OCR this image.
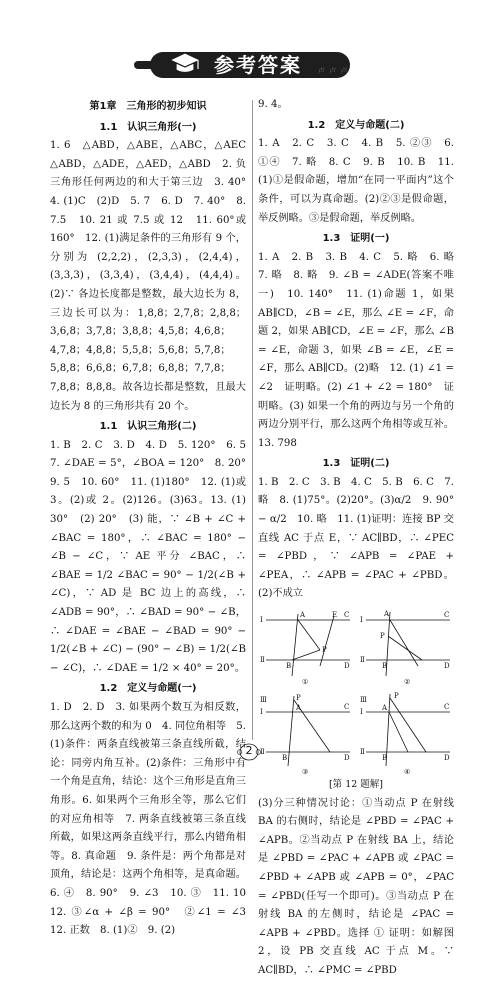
参考答案 卢 卢 卢
第1章　三角形的初步知识
1.1　认识三角形(一)

1. 6　△ABD，△ABE，△ABC，△AEC △ABD，△ADE，△AED，△ABD　2. 负 三角形任何两边的和大于第三边　3. 40°　4. (1)C　(2)D　5. 7　6. D　7. 40°　8. 7.5　10. 21 或 7.5 或 12　11. 60°或 160°　12. (1)满足条件的三角形有 9 个，分别为 (2,2,2)，(2,3,3)，(2,4,4)，(3,3,3)，(3,3,4)，(3,4,4)，(4,4,4)。(2)∵ 各边长度都是整数，最大边长为 8，三边长可以为：1,8,8；2,7,8；2,8,8；3,6,8；3,7,8；3,8,8；4,5,8；4,6,8；4,7,8；4,8,8；5,5,8；5,6,8；5,7,8；5,8,8；6,6,8；6,7,8；6,8,8；7,7,8；7,8,8；8,8,8。故各边长都是整数，且最大边长为 8 的三角形共有 20 个。

1.1　认识三角形(二)

1. B　2. C　3. D　4. D　5. 120°　6. 5　7. ∠DAE = 5°，∠BOA = 120°　8. 20°　9. 5　10. 60°　11. (1)180°　12. (1)或 3。(2)或 2。(2)126。(3)63。13. (1) 30°　(2) 20°　(3) 能，∵ ∠B + ∠C + ∠BAC = 180°，∴ ∠BAC = 180° − ∠B − ∠C，∵ AE 平分 ∠BAC，∴ ∠BAE = 1/2 ∠BAC = 90° − 1/2(∠B + ∠C)，∵ AD 是 BC 边上的高线，∴ ∠ADB = 90°，∴ ∠BAD = 90° − ∠B，∴ ∠DAE = ∠BAE − ∠BAD = 90° − 1/2(∠B + ∠C) − (90° − ∠B) = 1/2(∠B − ∠C)，∴ ∠DAE = 1/2 × 40° = 20°。

1.2　定义与命题(一)

1. D　2. D　3. 如果两个数互为相反数，那么这两个数的和为 0　4. 同位角相等　5. (1)条件：两条直线被第三条直线所截，结论：同旁内角互补。(2)条件：三角形中有一个角是直角，结论：这个三角形是直角三角形。6. 如果两个三角形全等，那么它们的对应角相等　7. 两条直线被第三条直线所截，如果这两条直线平行，那么内错角相等。8. 真命题　9. 条件是：两个角都是对顶角，结论是：这两个角相等，是真命题。6. ④　8. 90°　9. ∠3　10. ③　11. 10　12. ③∠α + ∠β = 90°　②∠1 = ∠3　12. 正数　8. (1)②　9. (2)

9. 4。

1.2　定义与命题(二)

1. A　2. C　3. C　4. B　5. ②③　6. ①④　7. 略　8. C　9. B　10. B　11. (1)①是假命题，增加“在同一平面内”这个条件，可以为真命题。(2)②③是假命题，举反例略。③是假命题，举反例略。

1.3　证明(一)

1. A　2. B　3. B　4. C　5. 略　6. 略　7. 略　8. 略　9. ∠B = ∠ADE(答案不唯一)　10. 140°　11. (1)命题 1，如果 AB∥CD，∠B = ∠E，那么 ∠E = ∠F，命题 2，如果 AB∥CD，∠E = ∠F，那么 ∠B = ∠E，命题 3，如果 ∠B = ∠E，∠E = ∠F，那么 AB∥CD。(2)略　12. (1) ∠1 = ∠2　证明略。(2) ∠1 + ∠2 = 180°　证明略。(3) 如果一个角的两边与另一个角的两边分别平行，那么这两个角相等或互补。13. 798

1.3　证明(二)

1. B　2. C　3. B　4. C　5. B　6. C　7. 略　8. (1)75°。(2)20°。(3)α/2　9. 90° − α/2　10. 略　11. (1)证明：连接 BP 交直线 AC 于点 E，∵ AC∥BD，∴ ∠PEC = ∠PBD，∵ ∠APB = ∠PAE + ∠PEA，∴ ∠APB = ∠PAC + ∠PBD。(2)不成立

Ⅰ
Ⅱ
A	E C
P
B	D
①
Ⅰ
Ⅱ
A	C
P
B	D
②
Ⅲ
Ⅰ
Ⅱ
P
A	C
B	D
③
Ⅲ
Ⅰ
Ⅱ
P
A	C
B	D
④

[第 12 题解]

(3)分三种情况讨论：①当动点 P 在射线 BA 的右侧时，结论是 ∠PBD = ∠PAC + ∠APB。②当动点 P 在射线 BA 上，结论是 ∠PBD = ∠PAC + ∠APB 或 ∠PAC = ∠PBD + ∠APB 或 ∠APB = 0°，∠PAC = ∠PBD(任写一个即可)。③当动点 P 在射线 BA 的左侧时，结论是 ∠PAC = ∠APB + ∠PBD。选择 ① 证明：如解图 2，设 PB 交直线 AC 于点 M。∵ AC∥BD，∴ ∠PMC = ∠PBD

2
